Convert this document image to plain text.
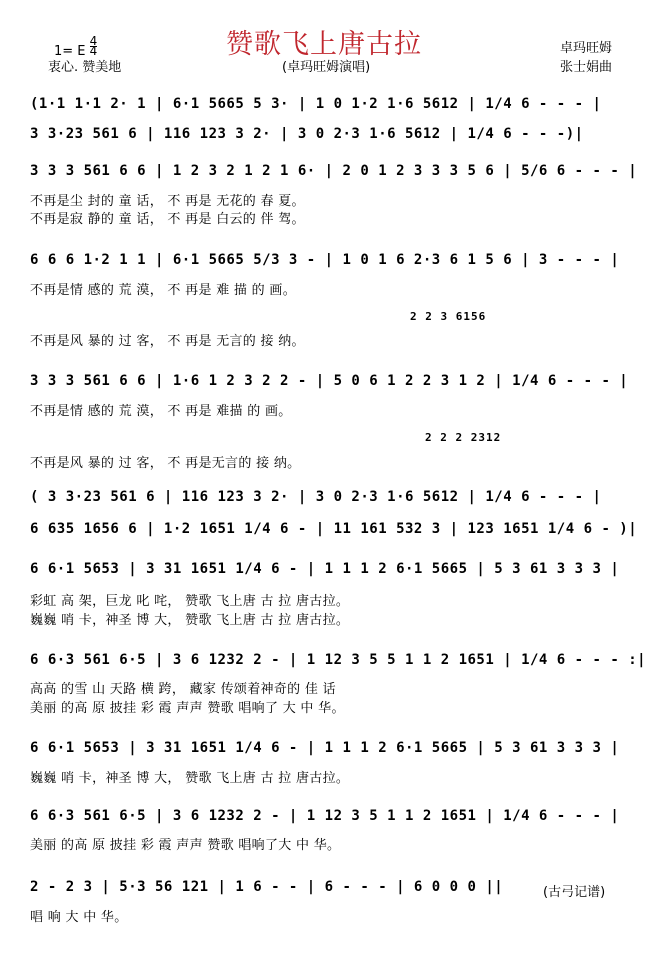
赞歌飞上唐古拉
1= E
4
4
衷心. 赞美地	(卓玛旺姆演唱)
卓玛旺姆
张士娟曲
(1·1 1·1 2· 1 | 6·1 5665 5 3· | 1 0 1·2 1·6 5612 | 1/4 6 - - - |
3 3·23 561 6 | 116 123 3 2· | 3 0 2·3 1·6 5612 | 1/4 6 - - -)|
3 3 3 561 6 6 | 1 2 3 2 1 2 1 6· | 2 0 1 2 3 3 3 5 6 | 5/6 6 - - - |
不再是尘 封的 童 话， 不 再是 无花的 春 夏。
不再是寂 静的 童 话， 不 再是 白云的 伴 驾。
6 6 6 1·2 1 1 | 6·1 5665 5/3 3 - | 1 0 1 6 2·3 6 1 5 6 | 3 - - - |
不再是情 感的 荒 漠， 不 再是 难 描 的 画。
2 2 3 6156
不再是风 暴的 过 客， 不 再是 无言的 接 纳。
3 3 3 561 6 6 | 1·6 1 2 3 2 2 - | 5 0 6 1 2 2 3 1 2 | 1/4 6 - - - |
不再是情 感的 荒 漠， 不 再是 难描 的 画。
2 2 2 2312
不再是风 暴的 过 客， 不 再是无言的 接 纳。
( 3 3·23 561 6 | 116 123 3 2· | 3 0 2·3 1·6 5612 | 1/4 6 - - - |
6 635 1656 6 | 1·2 1651 1/4 6 - | 11 161 532 3 | 123 1651 1/4 6 - )|
6 6·1 5653 | 3 31 1651 1/4 6 - | 1 1 1 2 6·1 5665 | 5 3 61 3 3 3 |
彩虹 高 架，巨龙 叱 咤， 赞歌 飞上唐 古 拉 唐古拉。
巍巍 哨 卡，神圣 博 大， 赞歌 飞上唐 古 拉 唐古拉。
6 6·3 561 6·5 | 3 6 1232 2 - | 1 12 3 5 5 1 1 2 1651 | 1/4 6 - - - :|
高高 的雪 山 天路 横 跨， 藏家 传颂着神奇的 佳 话
美丽 的高 原 披挂 彩 霞 声声 赞歌 唱响了 大 中 华。
6 6·1 5653 | 3 31 1651 1/4 6 - | 1 1 1 2 6·1 5665 | 5 3 61 3 3 3 |
巍巍 哨 卡，神圣 博 大， 赞歌 飞上唐 古 拉 唐古拉。
6 6·3 561 6·5 | 3 6 1232 2 - | 1 12 3 5 1 1 2 1651 | 1/4 6 - - - |
美丽 的高 原 披挂 彩 霞 声声 赞歌 唱响了大 中 华。
2 - 2 3 | 5·3 56 121 | 1 6 - - | 6 - - - | 6 0 0 0 ||
唱 响 大 中 华。
(古弓记谱)
